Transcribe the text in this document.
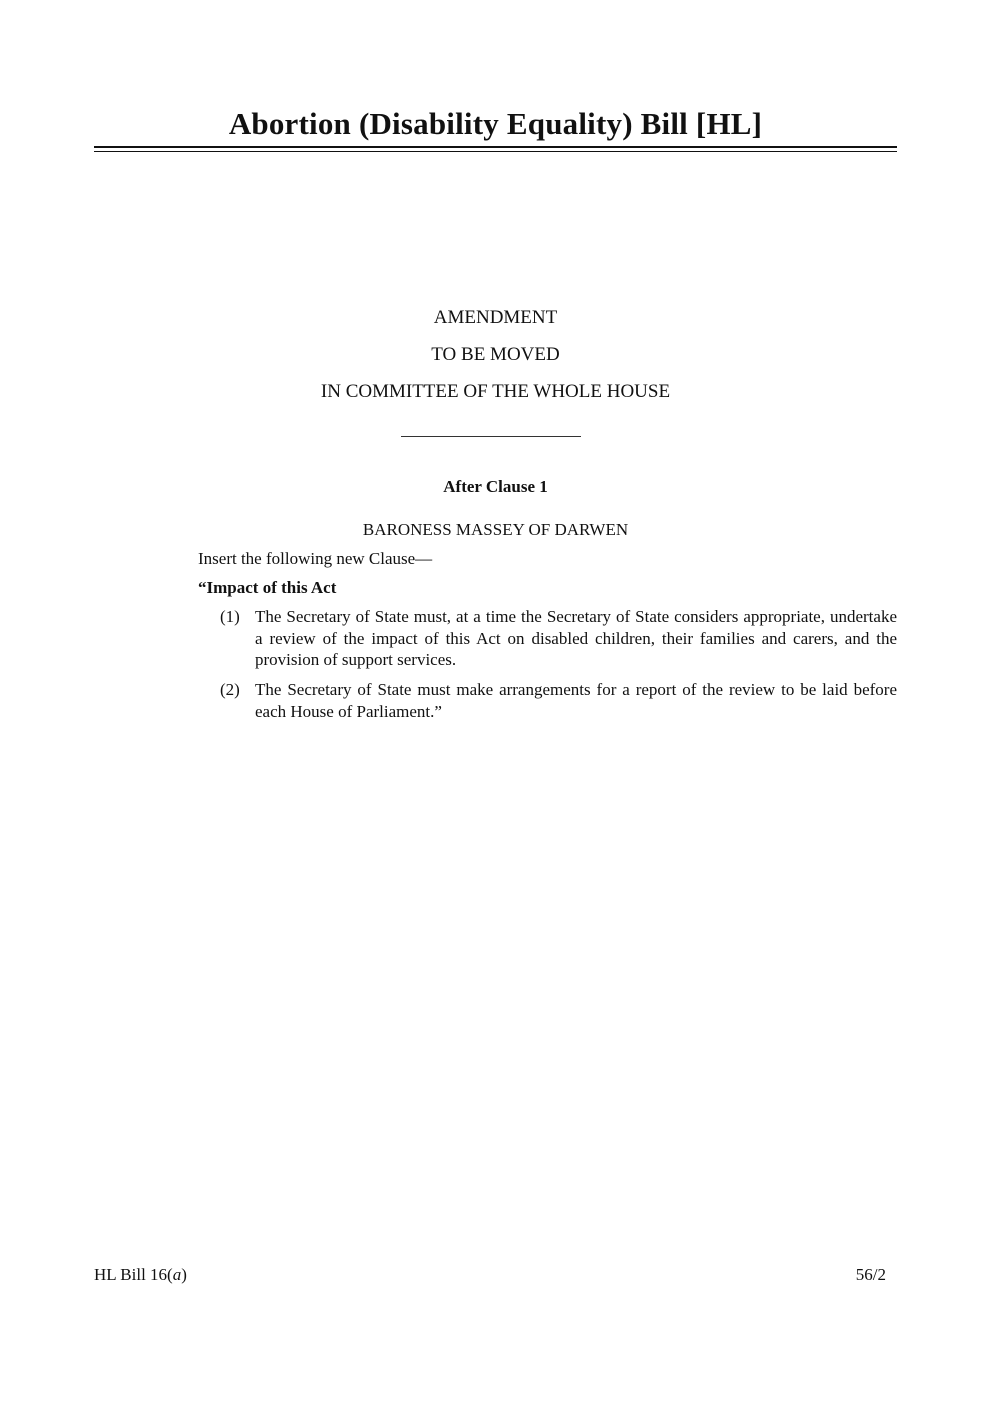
Abortion (Disability Equality) Bill [HL]
AMENDMENT
TO BE MOVED
IN COMMITTEE OF THE WHOLE HOUSE
After Clause 1
BARONESS MASSEY OF DARWEN
Insert the following new Clause—
“Impact of this Act
(1) The Secretary of State must, at a time the Secretary of State considers appropriate, undertake a review of the impact of this Act on disabled children, their families and carers, and the provision of support services.
(2) The Secretary of State must make arrangements for a report of the review to be laid before each House of Parliament.”
HL Bill 16(a)	56/2
